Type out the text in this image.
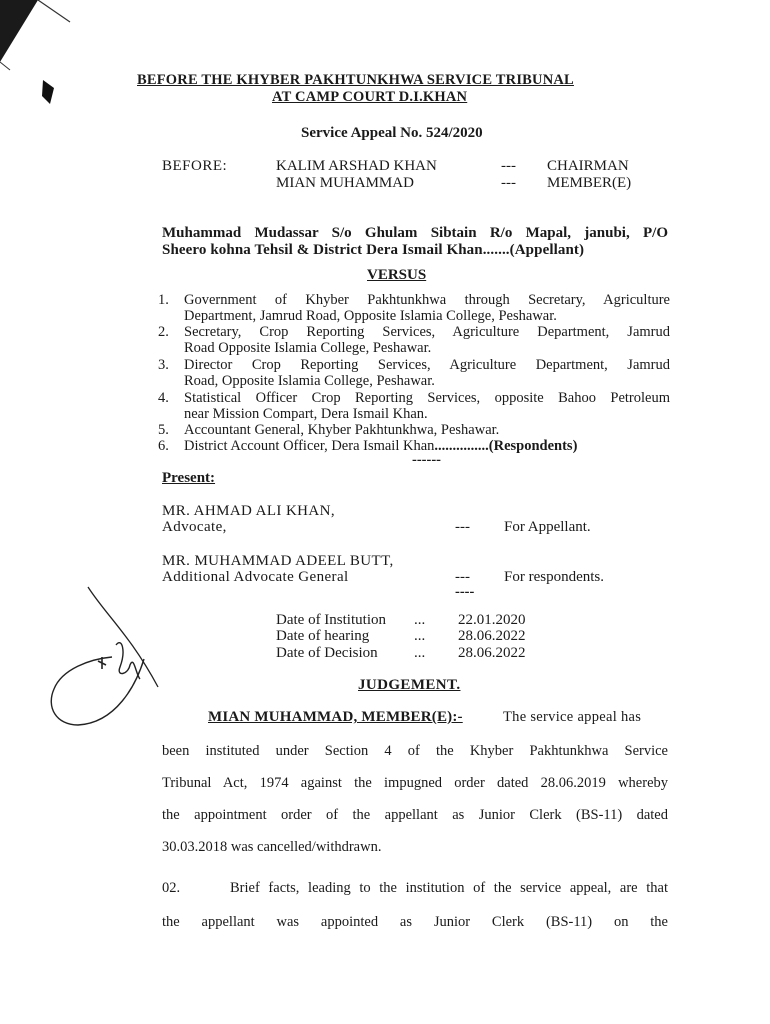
BEFORE THE KHYBER PAKHTUNKHWA SERVICE TRIBUNAL
AT CAMP COURT D.I.KHAN
Service Appeal No. 524/2020
BEFORE:	KALIM ARSHAD KHAN	--- CHAIRMAN
MIAN MUHAMMAD	--- MEMBER(E)
Muhammad Mudassar S/o Ghulam Sibtain R/o Mapal, janubi, P/O
Sheero kohna Tehsil & District Dera Ismail Khan.......(Appellant)
VERSUS
1.	Government of Khyber Pakhtunkhwa through Secretary, Agriculture
Department, Jamrud Road, Opposite Islamia College, Peshawar.
2.	Secretary, Crop Reporting Services, Agriculture Department, Jamrud
Road Opposite Islamia College, Peshawar.
3.	Director Crop Reporting Services, Agriculture Department, Jamrud
Road, Opposite Islamia College, Peshawar.
4.	Statistical Officer Crop Reporting Services, opposite Bahoo Petroleum
near Mission Compart, Dera Ismail Khan.
5.	Accountant General, Khyber Pakhtunkhwa, Peshawar.
6.	District Account Officer, Dera Ismail Khan...............(Respondents)
------
Present:
MR. AHMAD ALI KHAN,
Advocate,	--- For Appellant.
MR. MUHAMMAD ADEEL BUTT,
Additional Advocate General	--- For respondents.
----
Date of Institution ... 22.01.2020
Date of hearing	... 28.06.2022
Date of Decision ... 28.06.2022
JUDGEMENT.
MIAN MUHAMMAD, MEMBER(E):-	The service appeal has
been instituted under Section 4 of the Khyber Pakhtunkhwa Service
Tribunal Act, 1974 against the impugned order dated 28.06.2019 whereby
the appointment order of the appellant as Junior Clerk (BS-11) dated
30.03.2018 was cancelled/withdrawn.
02.	Brief facts, leading to the institution of the service appeal, are that
the appellant was appointed as Junior Clerk (BS-11) on the
